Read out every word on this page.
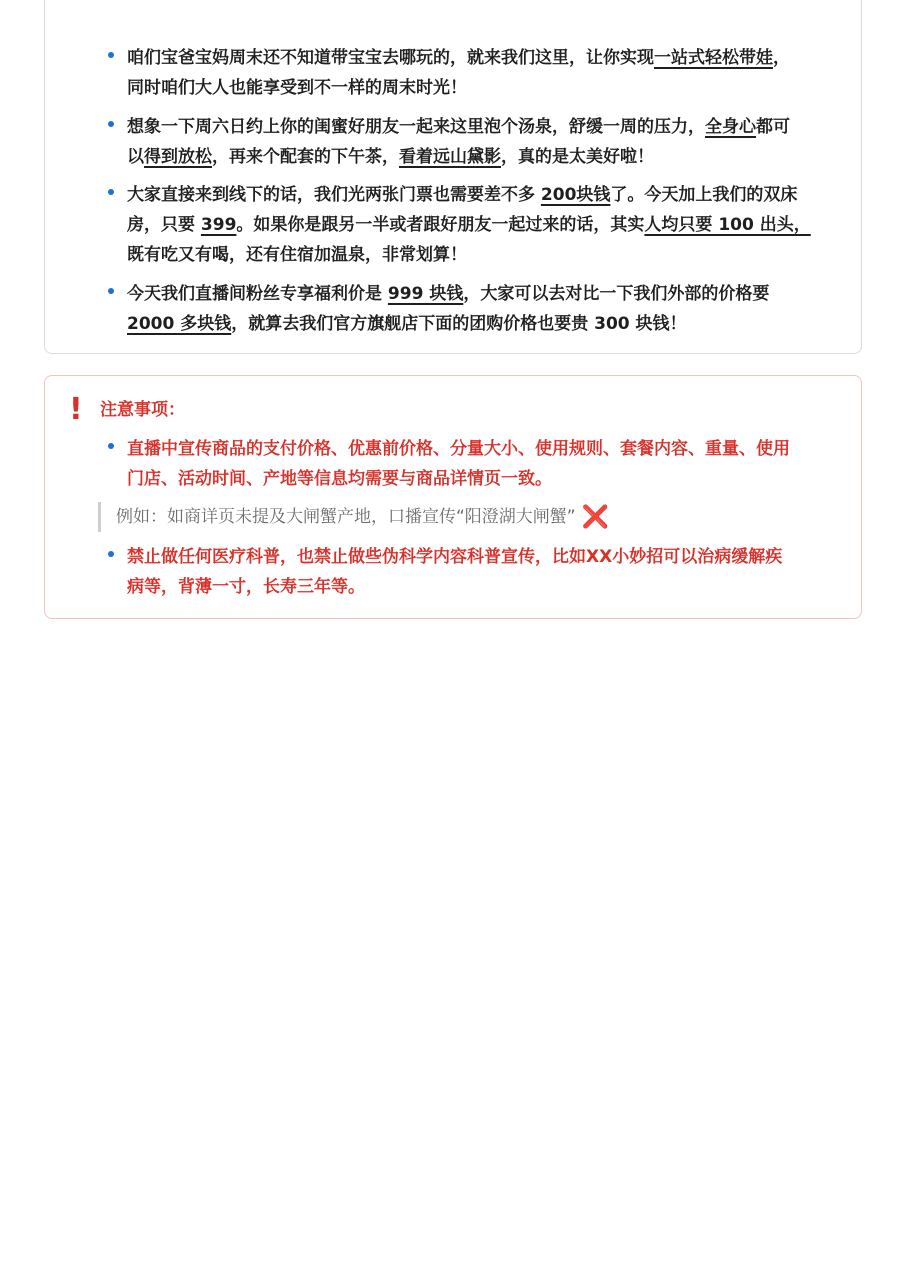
咱们宝爸宝妈周末还不知道带宝宝去哪玩的，就来我们这里，让你实现一站式轻松带娃，
同时咱们大人也能享受到不一样的周末时光！
想象一下周六日约上你的闺蜜好朋友一起来这里泡个汤泉，舒缓一周的压力，全身心都可
以得到放松，再来个配套的下午茶，看着远山黛影，真的是太美好啦！
大家直接来到线下的话，我们光两张门票也需要差不多 200块钱了。今天加上我们的双床
房，只要 399。如果你是跟另一半或者跟好朋友一起过来的话，其实人均只要 100 出头，
既有吃又有喝，还有住宿加温泉，非常划算！
今天我们直播间粉丝专享福利价是 999 块钱，大家可以去对比一下我们外部的价格要
2000 多块钱，就算去我们官方旗舰店下面的团购价格也要贵 300 块钱！
! 注意事项：
直播中宣传商品的支付价格、优惠前价格、分量大小、使用规则、套餐内容、重量、使用
门店、活动时间、产地等信息均需要与商品详情页一致。
例如：如商详页未提及大闸蟹产地，口播宣传“阳澄湖大闸蟹” ❌
禁止做任何医疗科普，也禁止做些伪科学内容科普宣传，比如XX小妙招可以治病缓解疾
病等，背薄一寸，长寿三年等。
